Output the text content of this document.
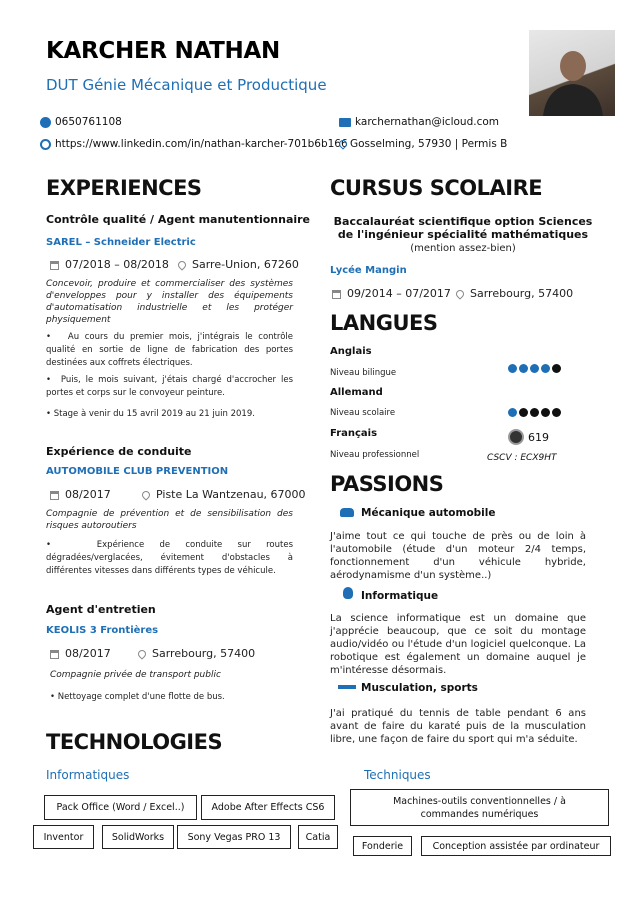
KARCHER NATHAN
DUT Génie Mécanique et Productique
0650761108	karchernathan@icloud.com
https://www.linkedin.com/in/nathan-karcher-701b6b166 Gosselming, 57930 | Permis B
EXPERIENCES
Contrôle qualité / Agent manutentionnaire
SAREL – Schneider Electric
07/2018 – 08/2018	Sarre-Union, 67260
Concevoir, produire et commercialiser des systèmes d'enveloppes pour y installer des équipements d'automatisation industrielle et les protéger physiquement
•   Au cours du premier mois, j'intégrais le contrôle qualité en sortie de ligne de fabrication des portes destinées aux coffrets électriques.
•  Puis, le mois suivant, j'étais chargé d'accrocher les portes et corps sur le convoyeur peinture.
• Stage à venir du 15 avril 2019 au 21 juin 2019.
Expérience de conduite
AUTOMOBILE CLUB PREVENTION
08/2017	Piste La Wantzenau, 67000
Compagnie de prévention et de sensibilisation des risques autoroutiers
•   Expérience de conduite sur routes dégradées/verglacées, évitement d'obstacles à différentes vitesses dans différents types de véhicule.
Agent d'entretien
KEOLIS 3 Frontières
08/2017	Sarrebourg, 57400
Compagnie privée de transport public
• Nettoyage complet d'une flotte de bus.
CURSUS SCOLAIRE
Baccalauréat scientifique option Sciences de l'ingénieur spécialité mathématiques
(mention assez-bien)
Lycée Mangin
09/2014 – 07/2017	Sarrebourg, 57400
LANGUES
Anglais
Niveau bilingue
Allemand
Niveau scolaire
Français
Niveau professionnel
619
CSCV : ECX9HT
PASSIONS
Mécanique automobile
J'aime tout ce qui touche de près ou de loin à l'automobile (étude d'un moteur 2/4 temps, fonctionnement d'un véhicule hybride, aérodynamisme d'un système..)
Informatique
La science informatique est un domaine que j'apprécie beaucoup, que ce soit du montage audio/vidéo ou l'étude d'un logiciel quelconque. La robotique est également un domaine auquel je m'intéresse désormais.
Musculation, sports
J'ai pratiqué du tennis de table pendant 6 ans avant de faire du karaté puis de la musculation libre, une façon de faire du sport qui m'a séduite.
TECHNOLOGIES
Informatiques	Techniques
Pack Office (Word / Excel..)	Adobe After Effects CS6
Inventor	SolidWorks	Sony Vegas PRO 13	Catia
Machines-outils conventionnelles / à commandes numériques
Fonderie	Conception assistée par ordinateur
